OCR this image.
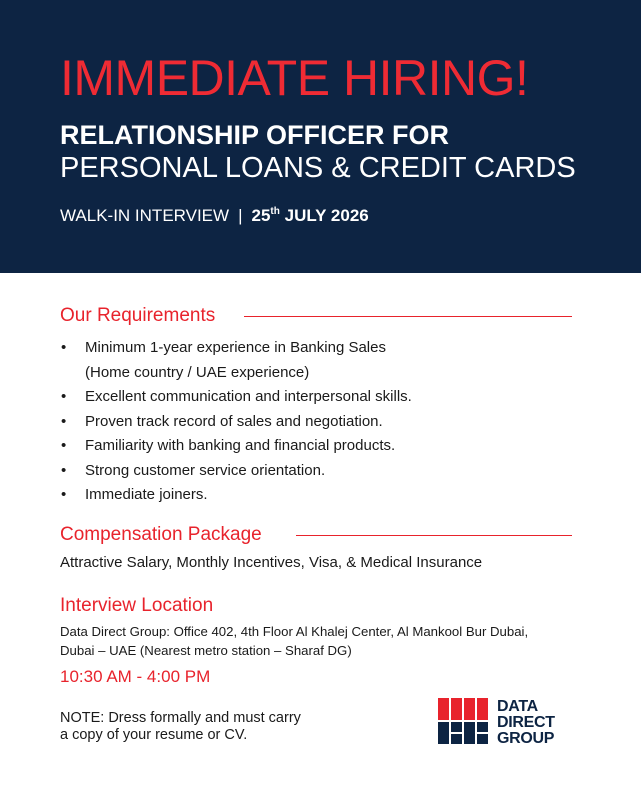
IMMEDIATE HIRING!
RELATIONSHIP OFFICER FOR
PERSONAL LOANS & CREDIT CARDS
WALK-IN INTERVIEW | 25th JULY 2026
Our Requirements
• Minimum 1-year experience in Banking Sales
(Home country / UAE experience)
• Excellent communication and interpersonal skills.
• Proven track record of sales and negotiation.
• Familiarity with banking and financial products.
• Strong customer service orientation.
• Immediate joiners.
Compensation Package
Attractive Salary, Monthly Incentives, Visa, & Medical Insurance
Interview Location
Data Direct Group: Office 402, 4th Floor Al Khalej Center, Al Mankool Bur Dubai,
Dubai – UAE (Nearest metro station – Sharaf DG)
10:30 AM - 4:00 PM
NOTE: Dress formally and must carry
a copy of your resume or CV.
DATA
DIRECT
GROUP
